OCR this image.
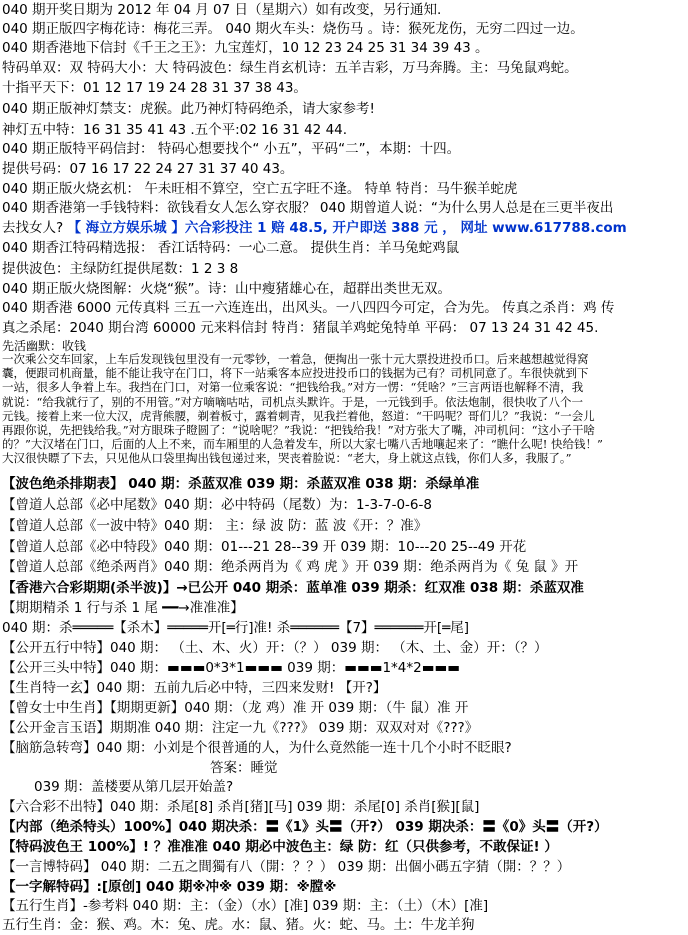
040 期开奖日期为 2012 年 04 月 07 日（星期六）如有改变，另行通知.
040 期正版四字梅花诗：梅花三弄。 040 期火车头：烧伤马 。诗：猴死龙伤，无穷二四过一边。
040 期香港地下信封《千王之王》：九宝莲灯，10 12 23 24 25 31 34 39 43 。
特码单双：双 特码大小：大 特码波色：绿生肖玄机诗：五羊吉彩，万马奔腾。主：马兔鼠鸡蛇。
十指平天下：01 12 17 19 24 28 31 37 38 43。
040 期正版神灯禁支：虎猴。此乃神灯特码绝杀，请大家参考!
神灯五中特：16 31 35 41 43 .五个平:02 16 31 42 44.
040 期正版特平码信封： 特码心想要找个“ 小五”，平码“二”，本期：十四。
提供号码：07 16 17 22 24 27 31 37 40 43。
040 期正版火烧玄机： 午未旺相不算空，空亡五字旺不逢。 特单 特肖：马牛猴羊蛇虎
040 期香港第一手钱特料：欲钱看女人怎么穿衣服？ 040 期曾道人说：“为什么男人总是在三更半夜出
去找女人? 【 海立方娱乐城 】六合彩投注 1 赔 48.5, 开户即送 388 元 ， 网址 www.617788.com
040 期香江特码精选报： 香江话特码：一心二意。 提供生肖：羊马兔蛇鸡鼠
提供波色：主绿防红提供尾数：1 2 3 8
040 期正版火烧图解：火烧“猴”。诗：山中瘦猪雄心在，超群出类世无双。
040 期香港 6000 元传真料 三五一六连连出，出风头。一八四四今可定，合为先。 传真之杀肖：鸡 传
真之杀尾：2040 期台湾 60000 元来料信封 特肖：猪鼠羊鸡蛇兔特单 平码： 07 13 24 31 42 45.
先活幽默：收钱
一次乘公交车回家，上车后发现钱包里没有一元零钞，一着急，便掏出一张十元大票投进投币口。后来越想越觉得窝
囊，便跟司机商量，能不能让我守在门口，将下一站乘客本应投进投币口的钱据为己有？司机同意了。车很快就到下
一站，很多人争着上车。我挡在门口，对第一位乘客说：“把钱给我。”对方一愣：“凭啥？”三言两语也解释不清，我
就说：“给我就行了，别的不用管。”对方嘀嘀咕咕，司机点头默许。于是，一元钱到手。依法炮制，很快收了八个一
元钱。接着上来一位大汉，虎背熊腰，剃着板寸，露着刺青，见我拦着他，怒道：“干吗呢？哥们儿？”我说：“一会儿
再跟你说，先把钱给我。”对方眼珠子瞪圆了：“说啥呢？”我说：“把钱给我！”对方张大了嘴，冲司机问：“这小子干啥
的？”大汉堵在门口，后面的人上不来，而车厢里的人急着发车，所以大家七嘴八舌地嚷起来了：“瞧什么呢! 快给钱！”
大汉很快瞟了下去，只见他从口袋里掏出钱包递过来，哭丧着脸说：“老大，身上就这点钱，你们人多，我服了。”
【波色绝杀排期表】 040 期：杀蓝双准 039 期：杀蓝双准 038 期：杀绿单准
【曾道人总部《必中尾数》040 期：必中特码（尾数）为：1-3-7-0-6-8
【曾道人总部《一波中特》040 期： 主：绿 波 防：蓝 波《开：？准》
【曾道人总部《必中特段》040 期：01---21 28--39 开 039 期：10---20 25--49 开花
【曾道人总部《绝杀两肖》040 期：绝杀两肖为《 鸡 虎 》开 039 期：绝杀两肖为《 兔 鼠 》开
【香港六合彩期期(杀半波)】→已公开 040 期杀：蓝单准 039 期杀：红双准 038 期：杀蓝双准
【期期精杀 1 行与杀 1 尾 ━━→准准准】
040 期：杀═════【杀木】═════开[═行]准! 杀══════【7】══════开[═尾]
【公开五行中特】040 期： （土、木、火）开：（？） 039 期： （木、土、金）开：（？）
【公开三头中特】040 期：▬▬▬0*3*1▬▬▬ 039 期：▬▬▬1*4*2▬▬▬
【生肖特一玄】040 期：五前九后必中特，三四来发财! 【开?】
【曾女士中生肖】【期期更新】040 期：（龙 鸡）准 开 039 期：（牛 鼠）准 开
【公开金言玉语】期期准 040 期：注定一九《???》 039 期：双双对对《???》
【脑筋急转弯】040 期：小刘是个很普通的人，为什么竟然能一连十几个小时不眨眼?
答案：睡觉
039 期：盖楼要从第几层开始盖?
【六合彩不出特】040 期：杀尾[8] 杀肖[猪][马] 039 期：杀尾[0] 杀肖[猴][鼠]
【内部（绝杀特头）100%】040 期决杀：〓《1》头〓（开?） 039 期决杀：〓《0》头〓（开?）
【特码波色王 100%】! ？准准准 040 期必中波色主：绿 防：红（只供参考，不敢保证! ）
【一言博特码】 040 期：二五之間獨有八（開：？？） 039 期：出個小碼五字猜（開：？？）
【一字解特码】:[原创] 040 期※冲※ 039 期：※膛※
【五行生肖】-参考料 040 期：主：（金）（水）[准] 039 期：主：（土）（木）[准]
五行生肖：金：猴、鸡。木：兔、虎。水：鼠、猪。火：蛇、马。土：牛龙羊狗
